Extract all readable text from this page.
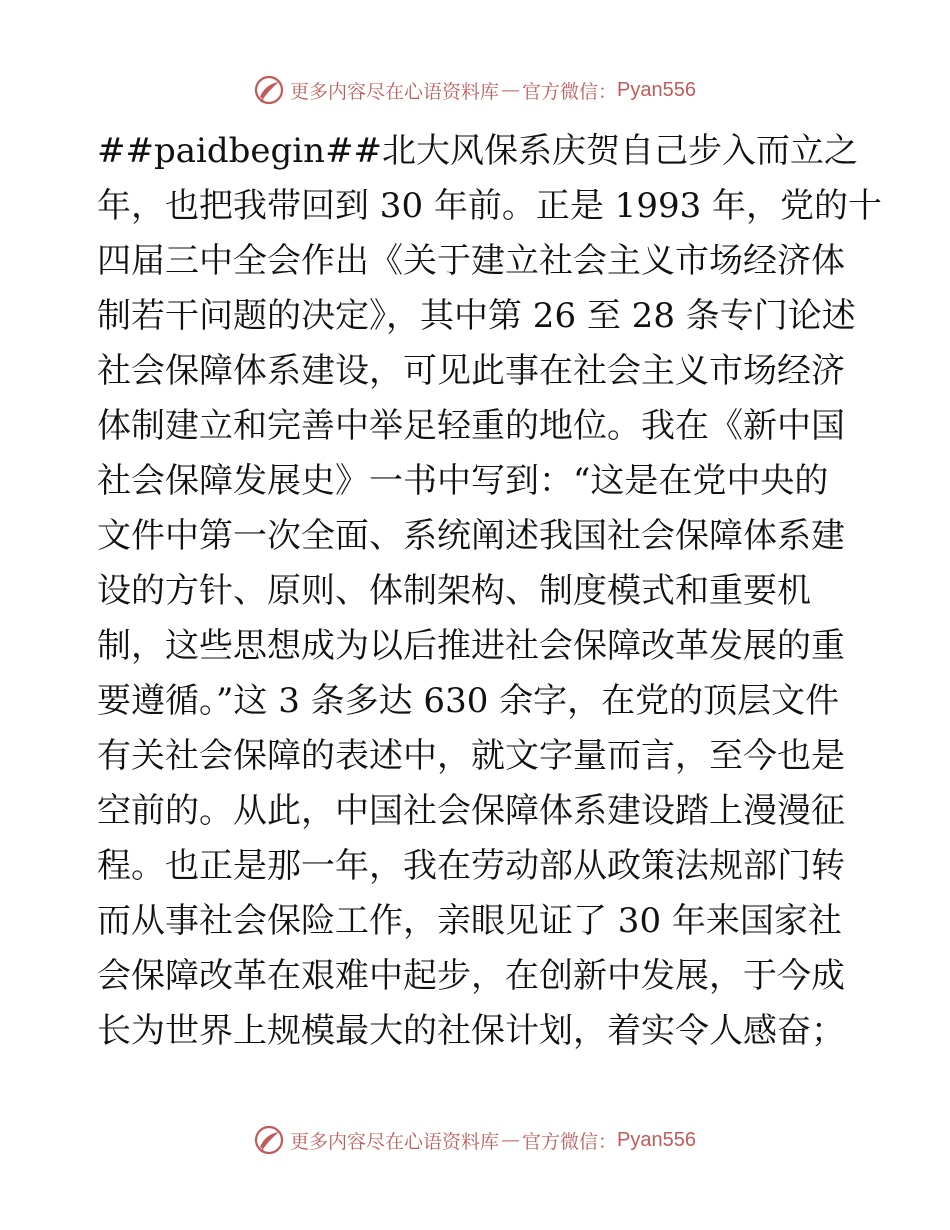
更多内容尽在心语资料库 — 官方微信： Pyan556
##paidbegin##北大风保系庆贺自己步入而立之
年，也把我带回到 30 年前。正是 1993 年，党的十
四届三中全会作出《关于建立社会主义市场经济体
制若干问题的决定》，其中第 26 至 28 条专门论述
社会保障体系建设，可见此事在社会主义市场经济
体制建立和完善中举足轻重的地位。我在《新中国
社会保障发展史》一书中写到：“这是在党中央的
文件中第一次全面、系统阐述我国社会保障体系建
设的方针、原则、体制架构、制度模式和重要机
制，这些思想成为以后推进社会保障改革发展的重
要遵循。”这 3 条多达 630 余字，在党的顶层文件
有关社会保障的表述中，就文字量而言，至今也是
空前的。从此，中国社会保障体系建设踏上漫漫征
程。也正是那一年，我在劳动部从政策法规部门转
而从事社会保险工作，亲眼见证了 30 年来国家社
会保障改革在艰难中起步，在创新中发展，于今成
长为世界上规模最大的社保计划，着实令人感奋；
更多内容尽在心语资料库 — 官方微信： Pyan556
